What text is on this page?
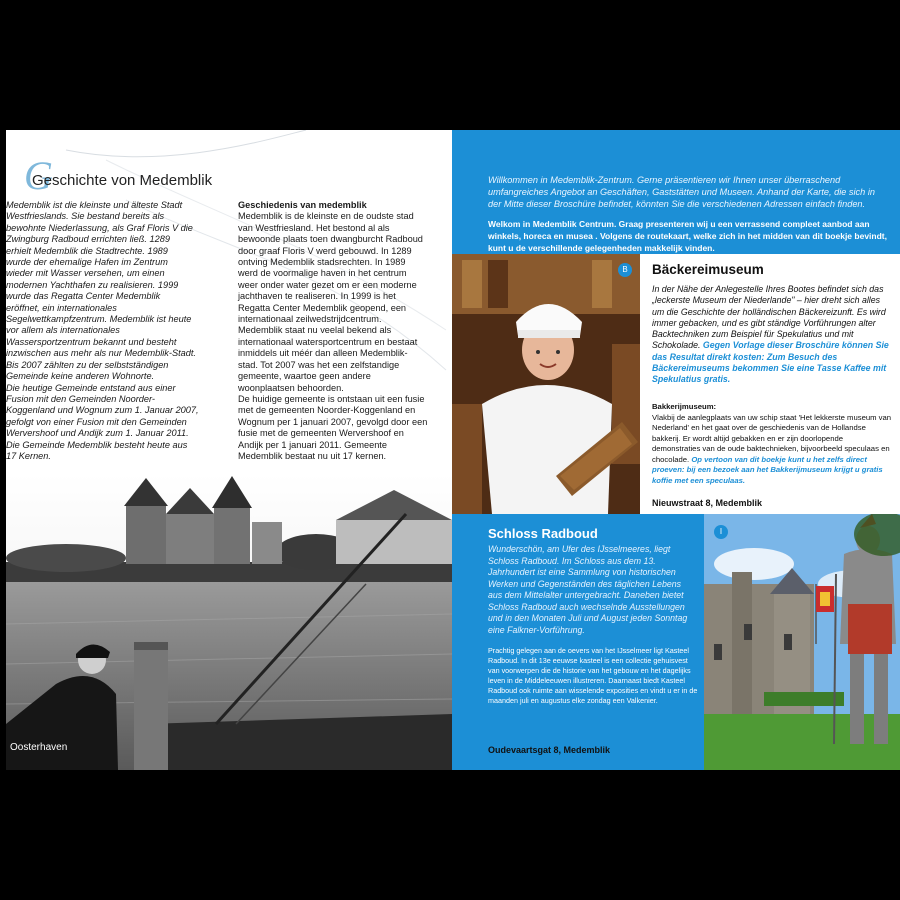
G
Geschichte von Medemblik
Medemblik ist die kleinste und älteste Stadt
Westfrieslands. Sie bestand bereits als
bewohnte Niederlassung, als Graf Floris V die
Zwingburg Radboud errichten ließ. 1289
erhielt Medemblik die Stadtrechte. 1989
wurde der ehemalige Hafen im Zentrum
wieder mit Wasser versehen, um einen
modernen Yachthafen zu realisieren. 1999
wurde das Regatta Center Medemblik
eröffnet, ein internationales
Segelwettkampfzentrum. Medemblik ist heute
vor allem als internationales
Wassersportzentrum bekannt und besteht
inzwischen aus mehr als nur Medemblik-Stadt.
Bis 2007 zählten zu der selbstständigen
Gemeinde keine anderen Wohnorte.
Die heutige Gemeinde entstand aus einer
Fusion mit den Gemeinden Noorder-
Koggenland und Wognum zum 1. Januar 2007,
gefolgt von einer Fusion mit den Gemeinden
Wervershoof und Andijk zum 1. Januar 2011.
Die Gemeinde Medemblik besteht heute aus
17 Kernen.
Geschiedenis van medemblik
Medemblik is de kleinste en de oudste stad
van Westfriesland. Het bestond al als
bewoonde plaats toen dwangburcht Radboud
door graaf Floris V werd gebouwd. In 1289
ontving Medemblik stadsrechten. In 1989
werd de voormalige haven in het centrum
weer onder water gezet om er een moderne
jachthaven te realiseren. In 1999 is het
Regatta Center Medemblik geopend, een
internationaal zeilwedstrijdcentrum.
Medemblik staat nu veelal bekend als
internationaal watersportcentrum en bestaat
inmiddels uit méér dan alleen Medemblik-
stad. Tot 2007 was het een zelfstandige
gemeente, waartoe geen andere
woonplaatsen behoorden.
De huidige gemeente is ontstaan uit een fusie
met de gemeenten Noorder-Koggenland en
Wognum per 1 januari 2007, gevolgd door een
fusie met de gemeenten Wervershoof en
Andijk per 1 januari 2011. Gemeente
Medemblik bestaat nu uit 17 kernen.
Oosterhaven
Willkommen in Medemblik-Zentrum. Gerne präsentieren wir Ihnen unser überraschend umfangreiches Angebot an Geschäften, Gaststätten und Museen. Anhand der Karte, die sich in der Mitte dieser Broschüre befindet, könnten Sie die verschiedenen Adressen einfach finden.
Welkom in Medemblik Centrum. Graag presenteren wij u een verrassend compleet aanbod aan winkels, horeca en musea . Volgens de routekaart, welke zich in het midden van dit boekje bevindt, kunt u de verschillende gelegenheden makkelijk vinden.
B	Bäckereimuseum
In der Nähe der Anlegestelle Ihres Bootes befindet sich das „leckerste Museum der Niederlande" – hier dreht sich alles um die Geschichte der holländischen Bäckereizunft. Es wird immer gebacken, und es gibt ständige Vorführungen alter Backtechniken zum Beispiel für Spekulatius und mit Schokolade. Gegen Vorlage dieser Broschüre können Sie das Resultat direkt kosten: Zum Besuch des Bäckereimuseums bekommen Sie eine Tasse Kaffee mit Spekulatius gratis.
Bakkerijmuseum:
Vlakbij de aanlegplaats van uw schip staat 'Het lekkerste museum van Nederland' en het gaat over de geschiedenis van de Hollandse bakkerij. Er wordt altijd gebakken en er zijn doorlopende demonstraties van de oude baktechnieken, bijvoorbeeld speculaas en chocolade. Op vertoon van dit boekje kunt u het zelfs direct proeven: bij een bezoek aan het Bakkerijmuseum krijgt u gratis koffie met een speculaas.
Nieuwstraat 8, Medemblik
Schloss Radboud
Wunderschön, am Ufer des IJsselmeeres, liegt Schloss Radboud. Im Schloss aus dem 13. Jahrhundert ist eine Sammlung von historischen Werken und Gegenständen des täglichen Lebens aus dem Mittelalter untergebracht. Daneben bietet Schloss Radboud auch wechselnde Ausstellungen und in den Monaten Juli und August jeden Sonntag eine Falkner-Vorführung.
Prachtig gelegen aan de oevers van het IJsselmeer ligt Kasteel Radboud. In dit 13e eeuwse kasteel is een collectie gehuisvest van voorwerpen die de historie van het gebouw en het dagelijks leven in de Middeleeuwen illustreren. Daarnaast biedt Kasteel Radboud ook ruimte aan wisselende exposities en vindt u er in de maanden juli en augustus elke zondag een Valkenier.
Oudevaartsgat 8, Medemblik
I
